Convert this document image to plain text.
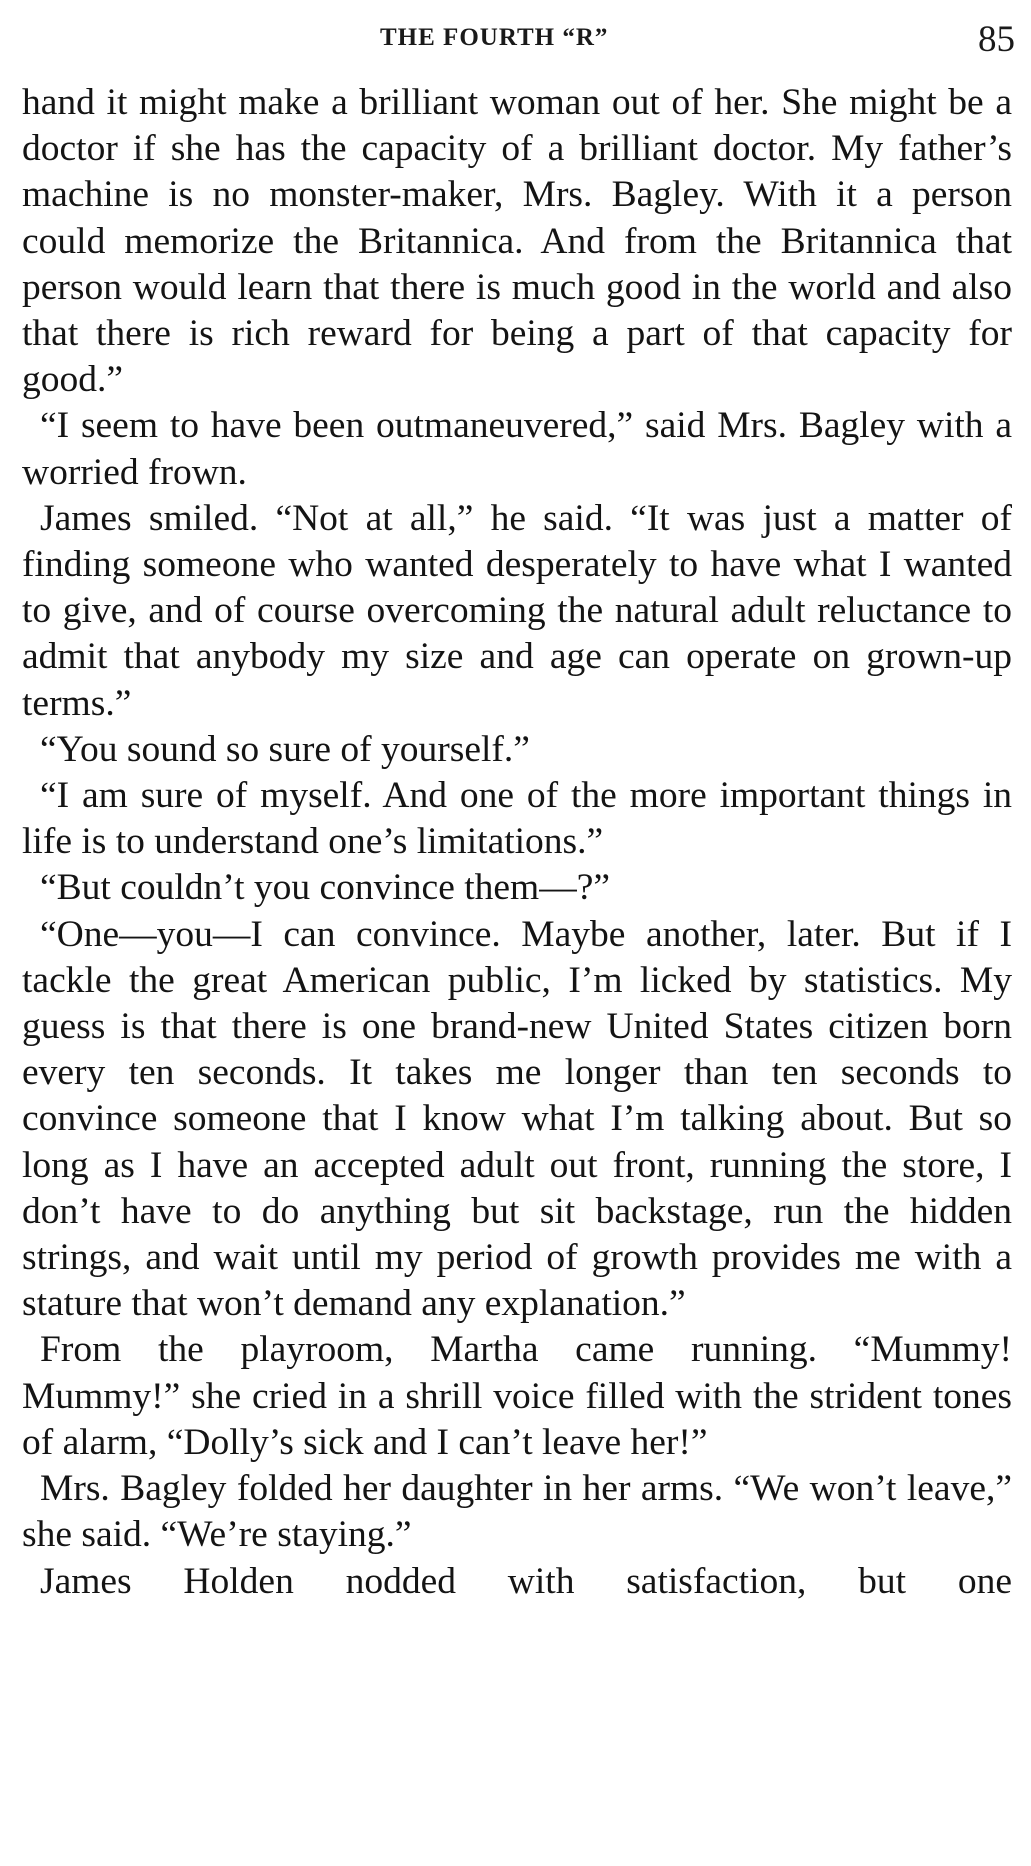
THE FOURTH “R”	85

hand it might make a brilliant woman out of her. She might be a doctor if she has the capacity of a brilliant doctor. My father’s machine is no monster-maker, Mrs. Bagley. With it a person could memorize the Britannica. And from the Britannica that person would learn that there is much good in the world and also that there is rich reward for being a part of that capacity for good.”

“I seem to have been outmaneuvered,” said Mrs. Bagley with a worried frown.

James smiled. “Not at all,” he said. “It was just a matter of finding someone who wanted desperately to have what I wanted to give, and of course overcoming the natural adult reluctance to admit that anybody my size and age can operate on grown-up terms.”

“You sound so sure of yourself.”

“I am sure of myself. And one of the more important things in life is to understand one’s limitations.”

“But couldn’t you convince them—?”

“One—you—I can convince. Maybe another, later. But if I tackle the great American public, I’m licked by statistics. My guess is that there is one brand-new United States citizen born every ten seconds. It takes me longer than ten seconds to convince someone that I know what I’m talking about. But so long as I have an accepted adult out front, running the store, I don’t have to do anything but sit backstage, run the hidden strings, and wait until my period of growth provides me with a stature that won’t demand any explanation.”

From the playroom, Martha came running. “Mummy! Mummy!” she cried in a shrill voice filled with the strident tones of alarm, “Dolly’s sick and I can’t leave her!”

Mrs. Bagley folded her daughter in her arms. “We won’t leave,” she said. “We’re staying.”

James Holden nodded with satisfaction, but one
